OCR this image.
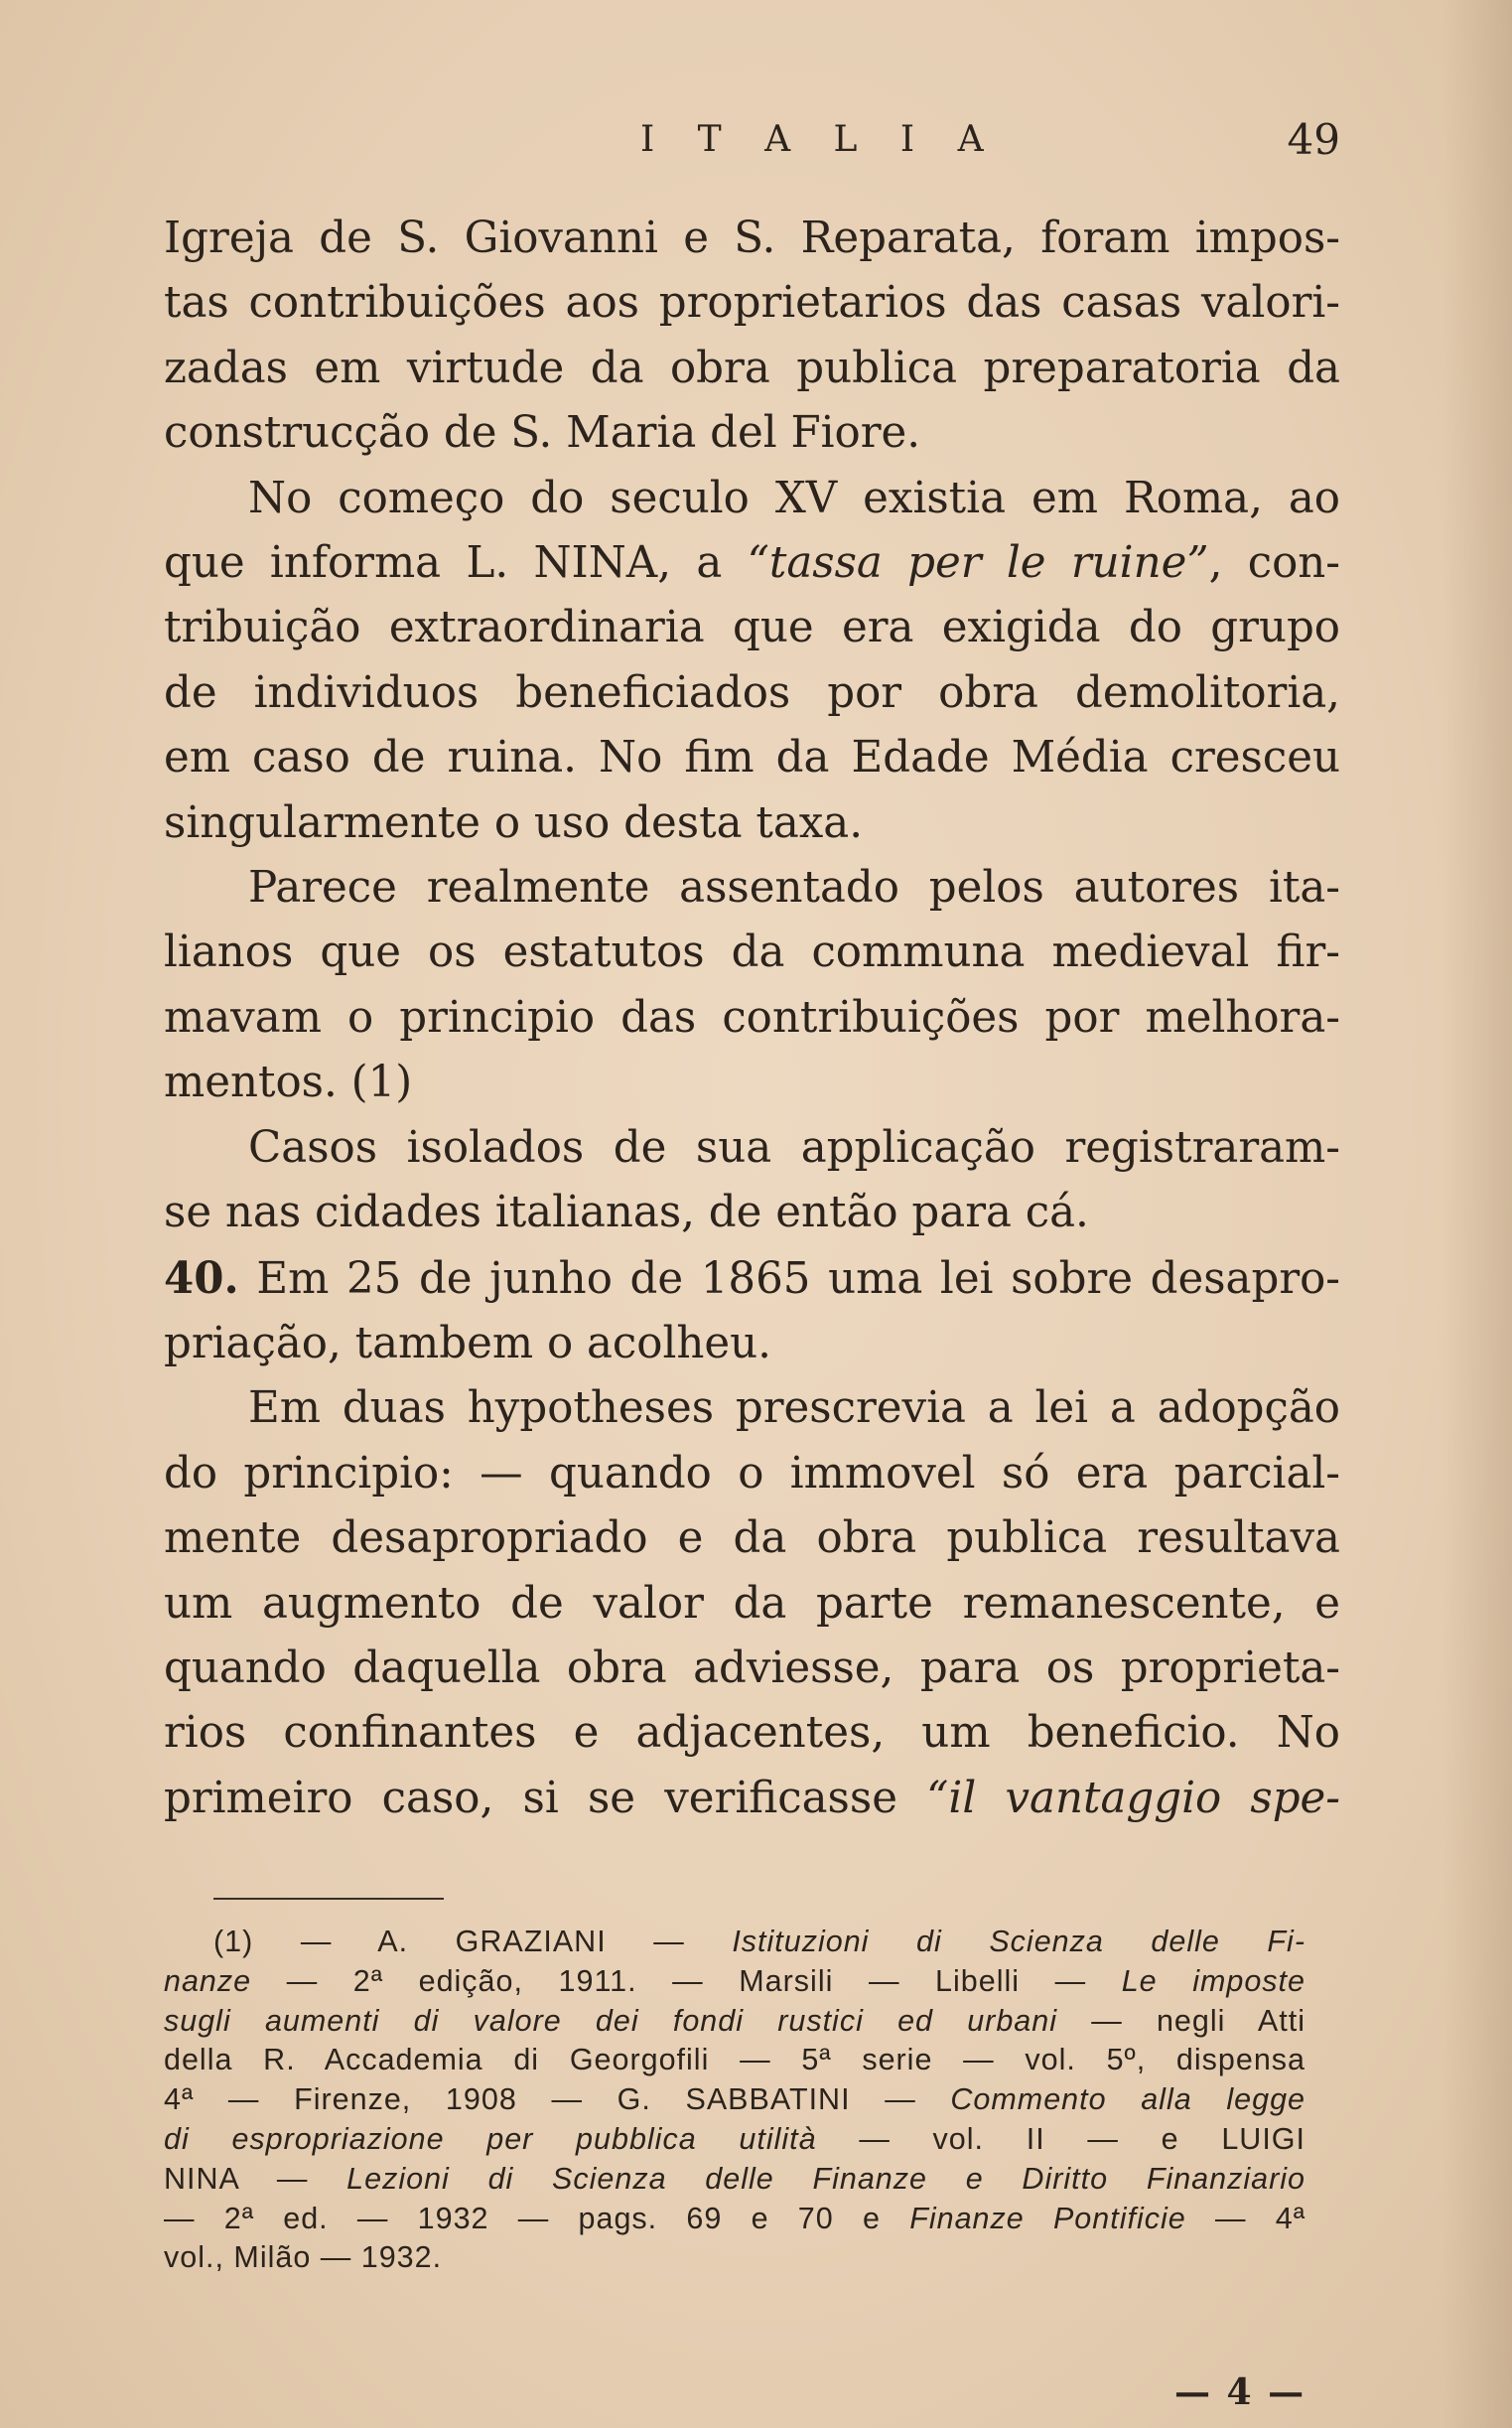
I T A L I A	49
Igreja de S. Giovanni e S. Reparata, foram impos-
tas contribuições aos proprietarios das casas valori-
zadas em virtude da obra publica preparatoria da
construcção de S. Maria del Fiore.
No começo do seculo XV existia em Roma, ao
que informa L. NINA, a “tassa per le ruine”, con-
tribuição extraordinaria que era exigida do grupo
de individuos beneficiados por obra demolitoria,
em caso de ruina. No fim da Edade Média cresceu
singularmente o uso desta taxa.
Parece realmente assentado pelos autores ita-
lianos que os estatutos da communa medieval fir-
mavam o principio das contribuições por melhora-
mentos. (1)
Casos isolados de sua applicação registraram-
se nas cidades italianas, de então para cá.
40. Em 25 de junho de 1865 uma lei sobre desapro-
priação, tambem o acolheu.
Em duas hypotheses prescrevia a lei a adopção
do principio: — quando o immovel só era parcial-
mente desapropriado e da obra publica resultava
um augmento de valor da parte remanescente, e
quando daquella obra adviesse, para os proprieta-
rios confinantes e adjacentes, um beneficio. No
primeiro caso, si se verificasse “il vantaggio spe-
(1) — A. GRAZIANI — Istituzioni di Scienza delle Fi-
nanze — 2ª edição, 1911. — Marsili — Libelli — Le imposte
sugli aumenti di valore dei fondi rustici ed urbani — negli Atti
della R. Accademia di Georgofili — 5ª serie — vol. 5º, dispensa
4ª — Firenze, 1908 — G. SABBATINI — Commento alla legge
di espropriazione per pubblica utilità — vol. II — e LUIGI
NINA — Lezioni di Scienza delle Finanze e Diritto Finanziario
— 2ª ed. — 1932 — pags. 69 e 70 e Finanze Pontificie — 4ª
vol., Milão — 1932.
— 4 —
